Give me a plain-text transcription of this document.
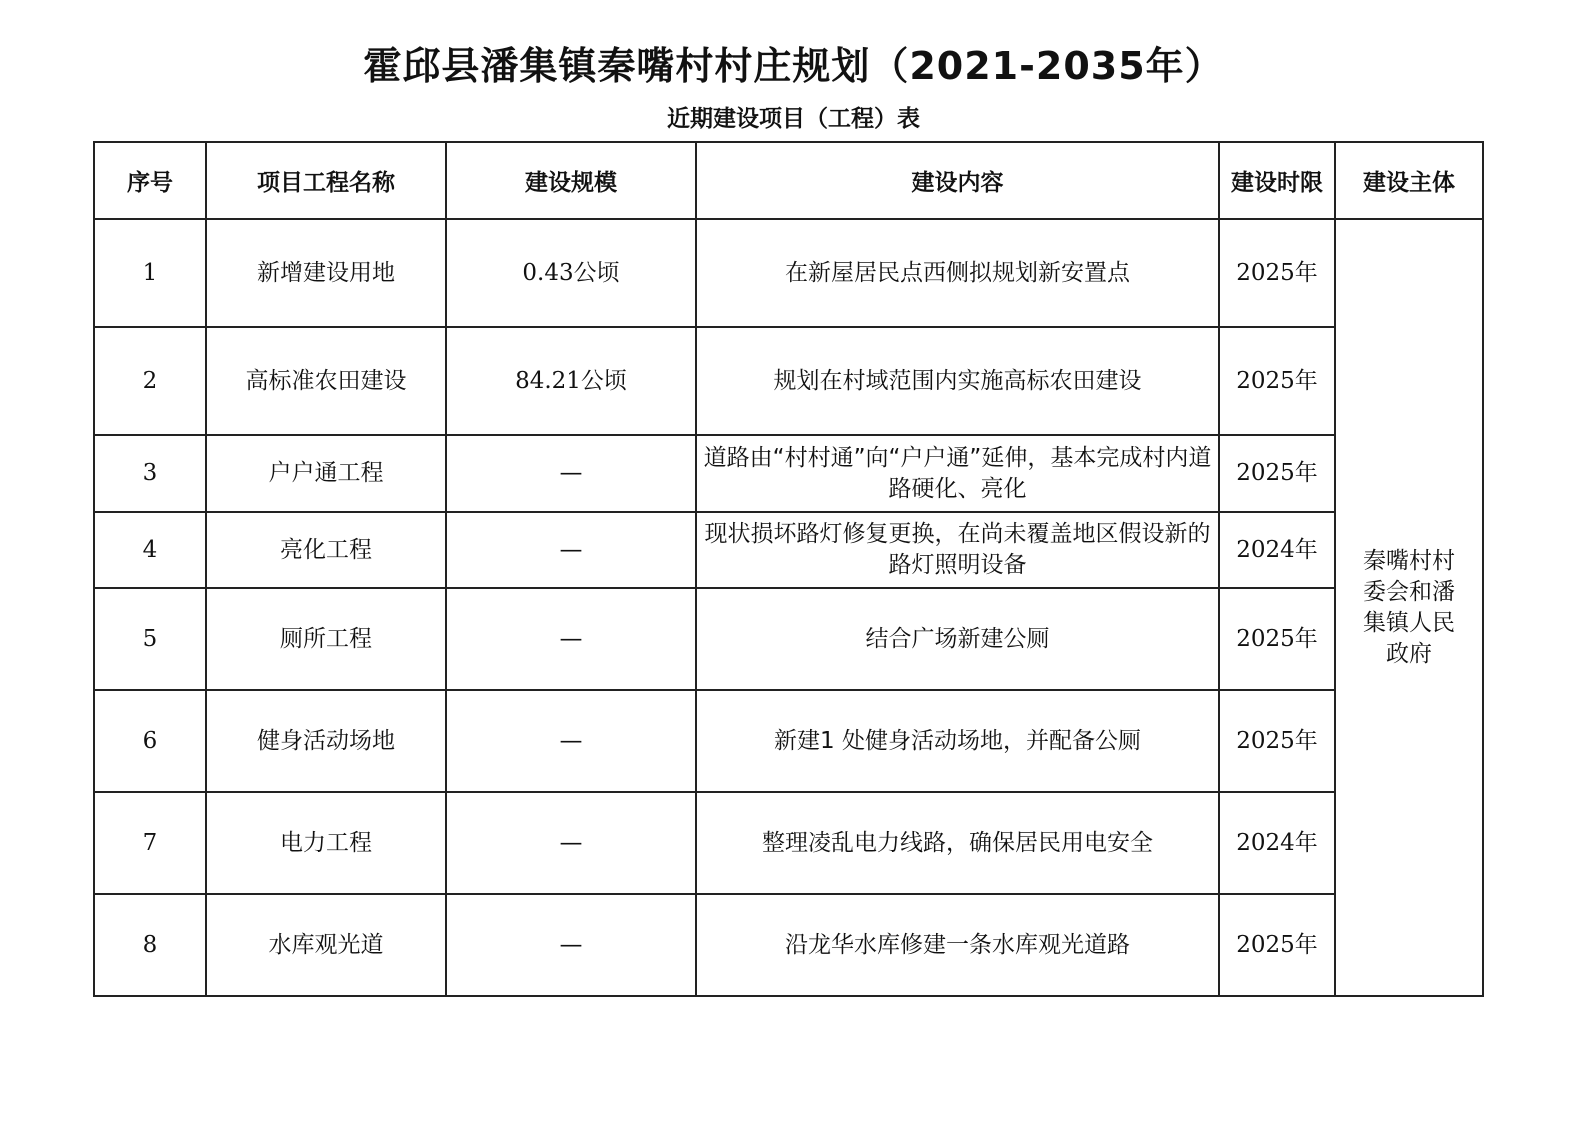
霍邱县潘集镇秦嘴村村庄规划（2021-2035年）
近期建设项目（工程）表
序号	项目工程名称	建设规模	建设内容	建设时限	建设主体
1	新增建设用地	0.43公顷	在新屋居民点西侧拟规划新安置点	2025年	秦嘴村村委会和潘集镇人民政府

2	高标准农田建设	84.21公顷	规划在村域范围内实施高标农田建设	2025年	
3	户户通工程	—	道路由“村村通”向“户户通”延伸，基本完成村内道路硬化、亮化	2025年	
4	亮化工程	—	现状损坏路灯修复更换，在尚未覆盖地区假设新的路灯照明设备	2024年	
5	厕所工程	—	结合广场新建公厕	2025年	
6	健身活动场地	—	新建1 处健身活动场地，并配备公厕	2025年	
7	电力工程	—	整理凌乱电力线路，确保居民用电安全	2024年	
8	水库观光道	—	沿龙华水库修建一条水库观光道路	2025年	
